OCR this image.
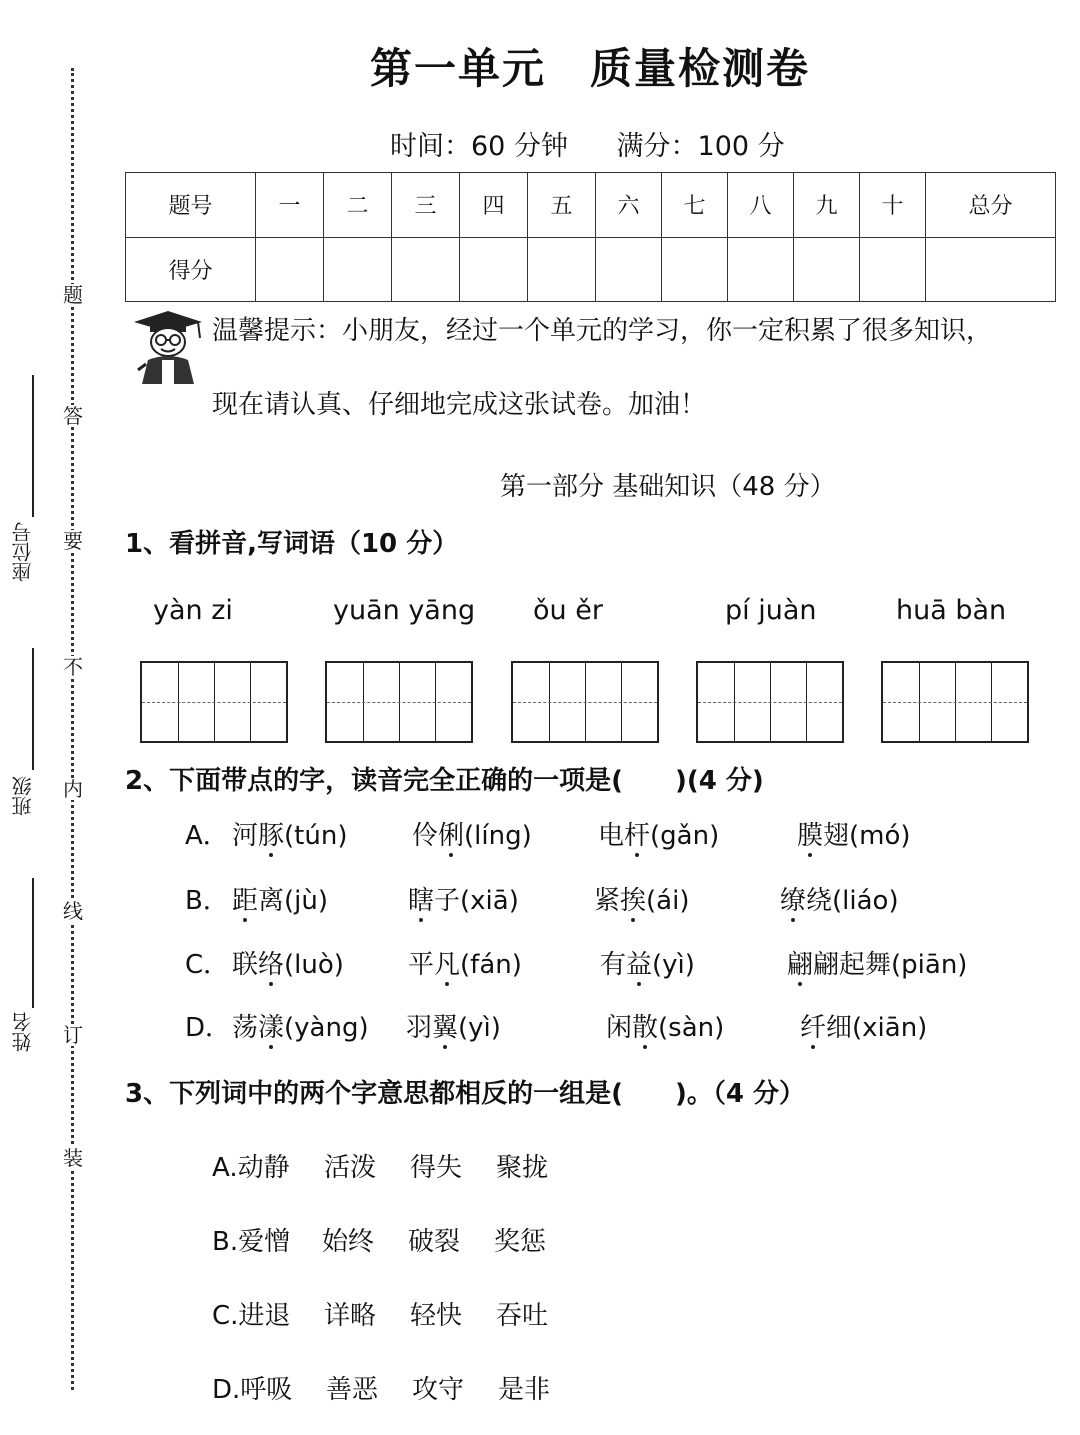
题
答
要
不
内
线
订
装
座位号
班级
姓名
第一单元　质量检测卷
时间：60 分钟 满分：100 分
题号	一	二	三	四	五	六	七	八	九	十	总分
得分											
温馨提示：小朋友，经过一个单元的学习，你一定积累了很多知识，
现在请认真、仔细地完成这张试卷。加油！
第一部分 基础知识（48 分）
1、看拼音,写词语（10 分）
yàn zi	yuān yāng ǒu ěr	pí juàn	huā bàn
2、下面带点的字，读音完全正确的一项是(　　)(4 分)
A． 河豚(tún) 伶俐(líng)	电杆(gǎn)	膜翅(mó)
B． 距离(jù)	瞎子(xiā)	紧挨(ái)	缭绕(liáo)
C． 联络(luò) 平凡(fán)	有益(yì)	翩翩起舞(piān)
D． 荡漾(yàng) 羽翼(yì)	闲散(sàn)	纤细(xiān)
3、下列词中的两个字意思都相反的一组是(　　)。（4 分）
A.动静 活泼 得失 聚拢
B.爱憎 始终 破裂 奖惩
C.进退 详略 轻快 吞吐
D.呼吸 善恶 攻守 是非
